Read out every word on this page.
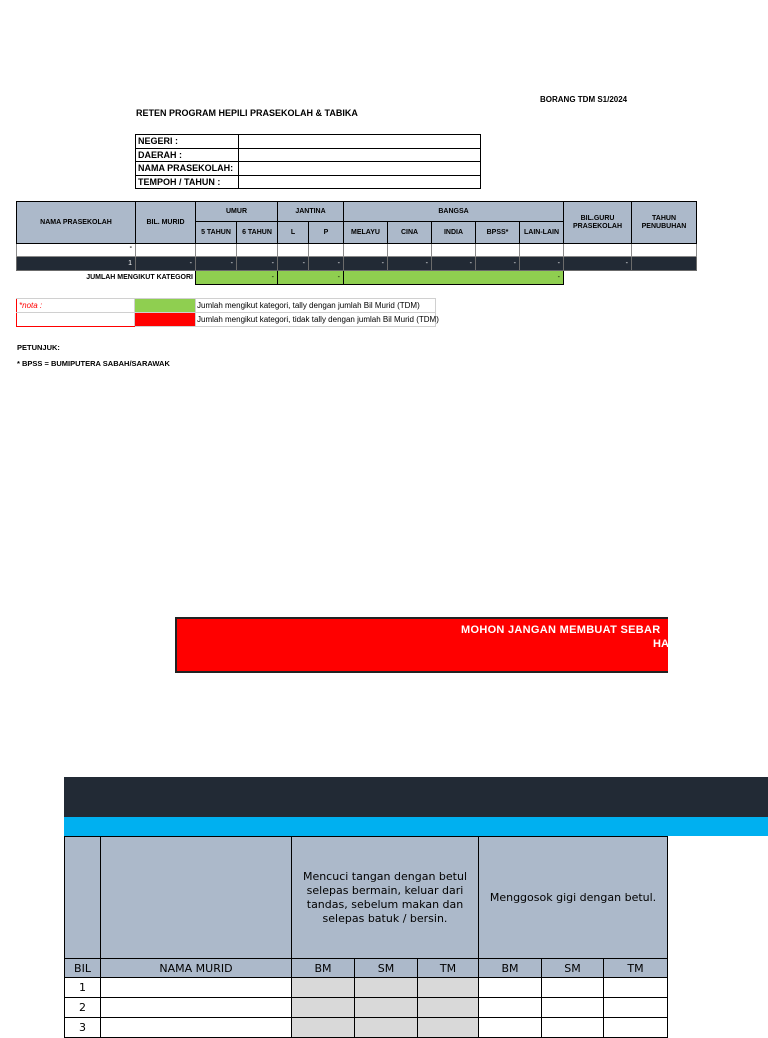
BORANG TDM S1/2024
RETEN PROGRAM HEPILI PRASEKOLAH & TABIKA
NEGERI :	
DAERAH :	
NAMA PRASEKOLAH:	
TEMPOH / TAHUN :	
NAMA PRASEKOLAH	BIL. MURID	UMUR		JANTINA		BANGSA					BIL.GURU PRASEKOLAH	TAHUN PENUBUHAN
		5 TAHUN	6 TAHUN	L	P	MELAYU	CINA	INDIA	BPSS*	LAIN-LAIN		
-												
1	-	-	-	-	-	-	-	-	-	-	-	
JUMLAH MENGIKUT KATEGORI		-		-		-						
*nota :		Jumlah mengikut kategori, tally dengan jumlah Bil Murid (TDM)
		Jumlah mengikut kategori, tidak tally dengan jumlah Bil Murid (TDM)
PETUNJUK:
* BPSS = BUMIPUTERA SABAH/SARAWAK
MOHON JANGAN MEMBUAT SEBAR
HA
		Mencuci tangan dengan betul selepas bermain, keluar dari tandas, sebelum makan dan selepas batuk / bersin.			Menggosok gigi dengan betul.		
BIL	NAMA MURID	BM	SM	TM	BM	SM	TM
1							
2							
3							
